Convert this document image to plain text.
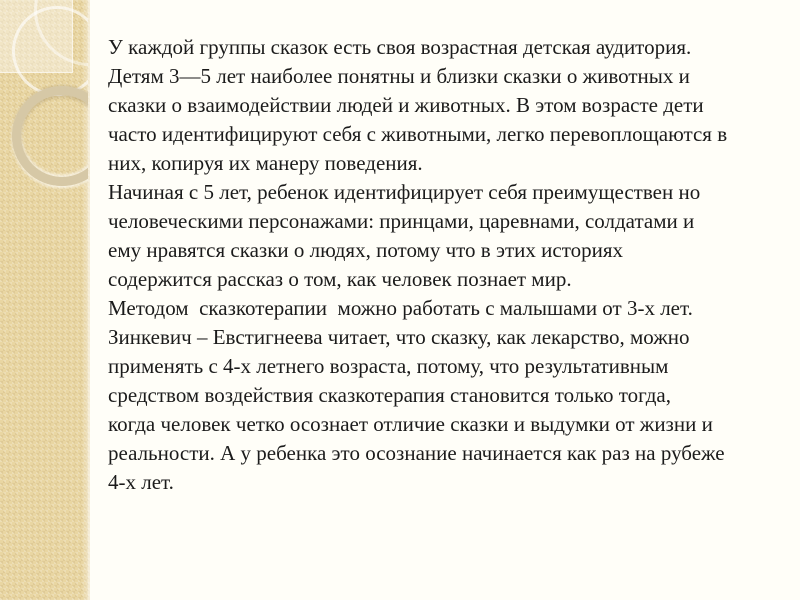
У каждой группы сказок есть своя возрастная детская аудитория.
Детям 3—5 лет наиболее понятны и близки сказки о животных и
сказки о взаимодействии людей и животных. В этом возрасте дети
часто идентифицируют себя с животными, легко перевоплощаются в
них, копируя их манеру поведения.
Начиная с 5 лет, ребенок идентифицирует себя преимуществен но
человеческими персонажами: принцами, царевнами, солдатами и
ему нравятся сказки о людях, потому что в этих историях
содержится рассказ о том, как человек познает мир.
Методом  сказкотерапии  можно работать с малышами от 3-х лет.
Зинкевич – Евстигнеева читает, что сказку, как лекарство, можно
применять с 4-х летнего возраста, потому, что результативным
средством воздействия сказкотерапия становится только тогда,
когда человек четко осознает отличие сказки и выдумки от жизни и
реальности. А у ребенка это осознание начинается как раз на рубеже
4-х лет.
